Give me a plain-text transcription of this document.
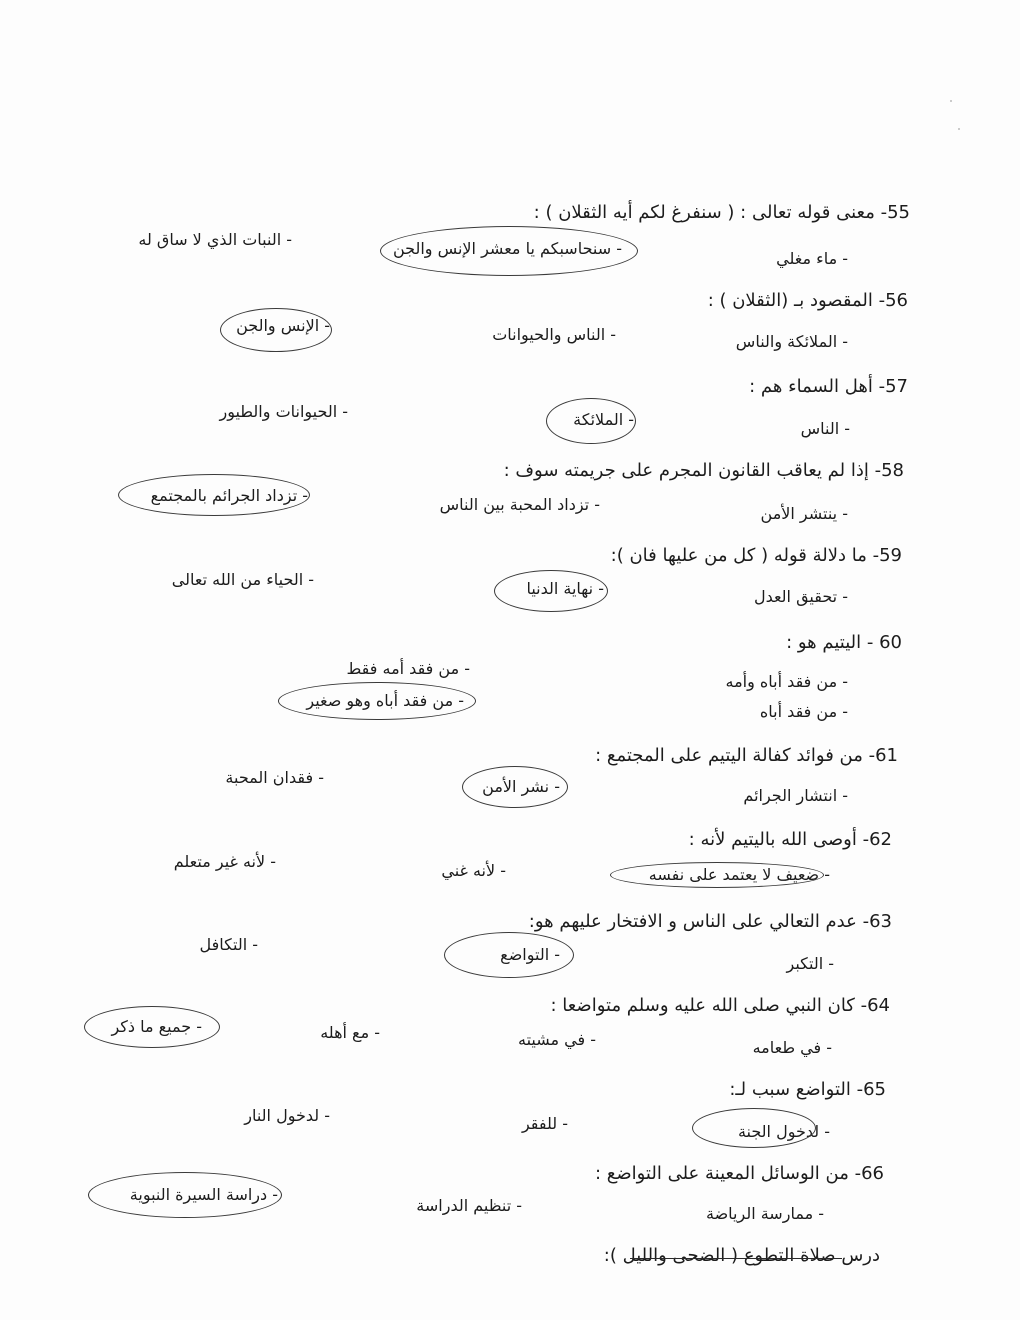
55- معنى قوله تعالى : ( سنفرغ لكم أيه الثقلان ) :
- ماء مغلي
- سنحاسبكم يا معشر الإنس والجن
- النبات الذي لا ساق له
56- المقصود بـ (الثقلان ) :
- الملائكة والناس
- الناس والحيوانات
- الإنس والجن
57- أهل السماء هم :
- الناس
- الملائكة
- الحيوانات والطيور
58- إذا لم يعاقب القانون المجرم على جريمته سوف :
- ينتشر الأمن
- تزداد المحبة بين الناس
- تزداد الجرائم بالمجتمع
59- ما دلالة قوله ( كل من عليها فان ):
- تحقيق العدل
- نهاية الدنيا
- الحياء من الله تعالى
60 - اليتيم هو :
- من فقد أباه وأمه
- من فقد أباه
- من فقد أمه فقط
- من فقد أباه وهو صغير
61- من فوائد كفالة اليتيم على المجتمع :
- انتشار الجرائم
- نشر الأمن
- فقدان المحبة
62- أوصى الله باليتيم لأنه :
- ضعيف لا يعتمد على نفسه
- لأنه غني
- لأنه غير متعلم
63- عدم التعالي على الناس و الافتخار عليهم هو:
- التكبر
- التواضع
- التكافل
64- كان النبي صلى الله عليه وسلم متواضعا :
- في طعامه
- في مشيته
- مع أهله
- جميع ما ذكر
65- التواضع سبب لـ:
- لدخول الجنة
- للفقر
- لدخول النار
66- من الوسائل المعينة على التواضع :
- ممارسة الرياضة
- تنظيم الدراسة
- دراسة السيرة النبوية
درس صلاة التطوع ( الضحى والليل ):
